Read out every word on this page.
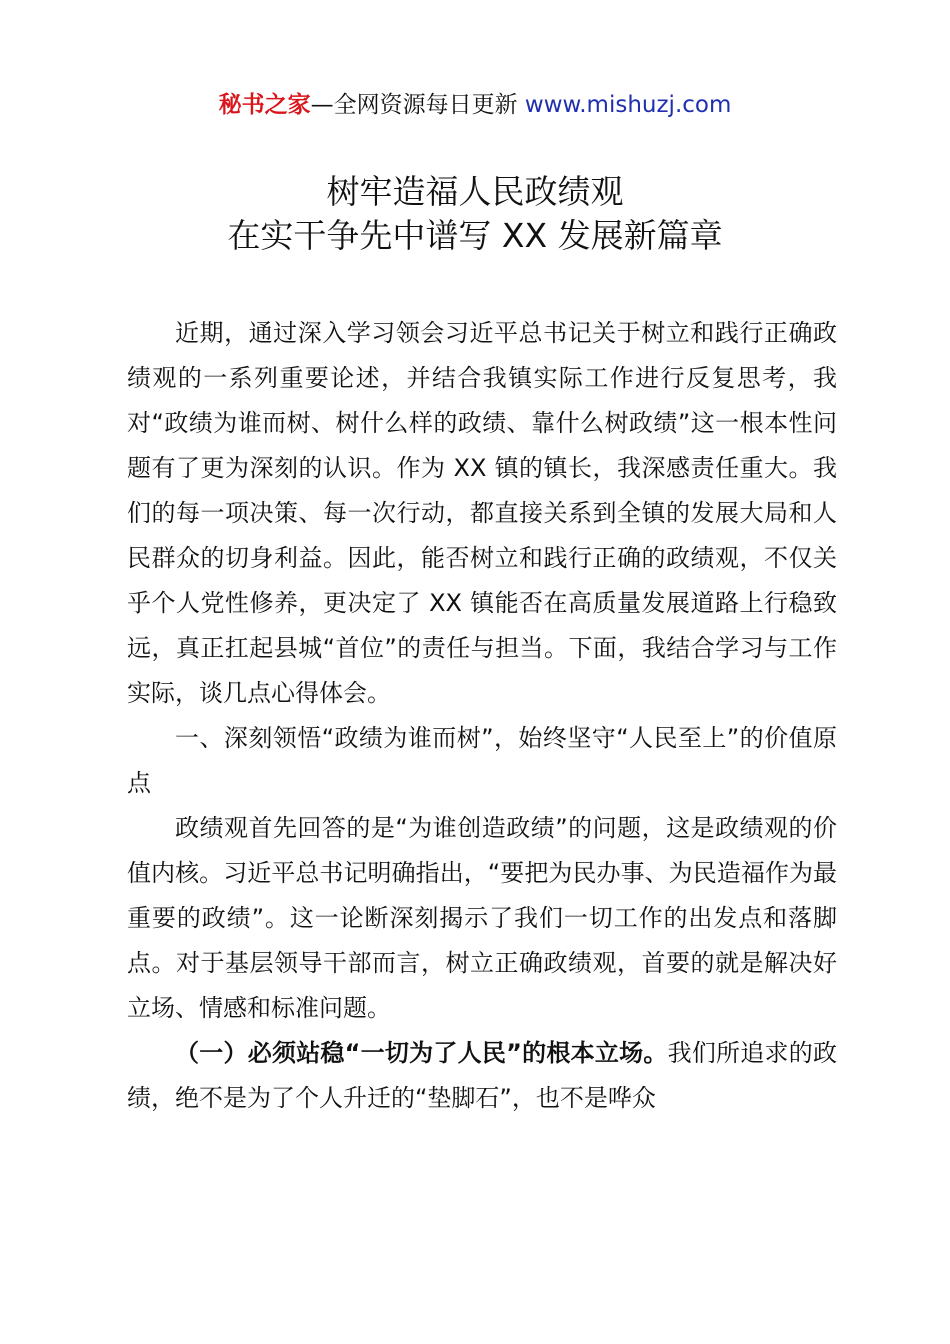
秘书之家—全网资源每日更新 www.mishuzj.com
树牢造福人民政绩观
在实干争先中谱写 XX 发展新篇章

近期，通过深入学习领会习近平总书记关于树立和践行正确政绩观的一系列重要论述，并结合我镇实际工作进行反复思考，我对“政绩为谁而树、树什么样的政绩、靠什么树政绩”这一根本性问题有了更为深刻的认识。作为 XX 镇的镇长，我深感责任重大。我们的每一项决策、每一次行动，都直接关系到全镇的发展大局和人民群众的切身利益。因此，能否树立和践行正确的政绩观，不仅关乎个人党性修养，更决定了 XX 镇能否在高质量发展道路上行稳致远，真正扛起县城“首位”的责任与担当。下面，我结合学习与工作实际，谈几点心得体会。

一、深刻领悟“政绩为谁而树”，始终坚守“人民至上”的价值原点

政绩观首先回答的是“为谁创造政绩”的问题，这是政绩观的价值内核。习近平总书记明确指出，“要把为民办事、为民造福作为最重要的政绩”。这一论断深刻揭示了我们一切工作的出发点和落脚点。对于基层领导干部而言，树立正确政绩观，首要的就是解决好立场、情感和标准问题。

（一）必须站稳“一切为了人民”的根本立场。我们所追求的政绩，绝不是为了个人升迁的“垫脚石”，也不是哗众
